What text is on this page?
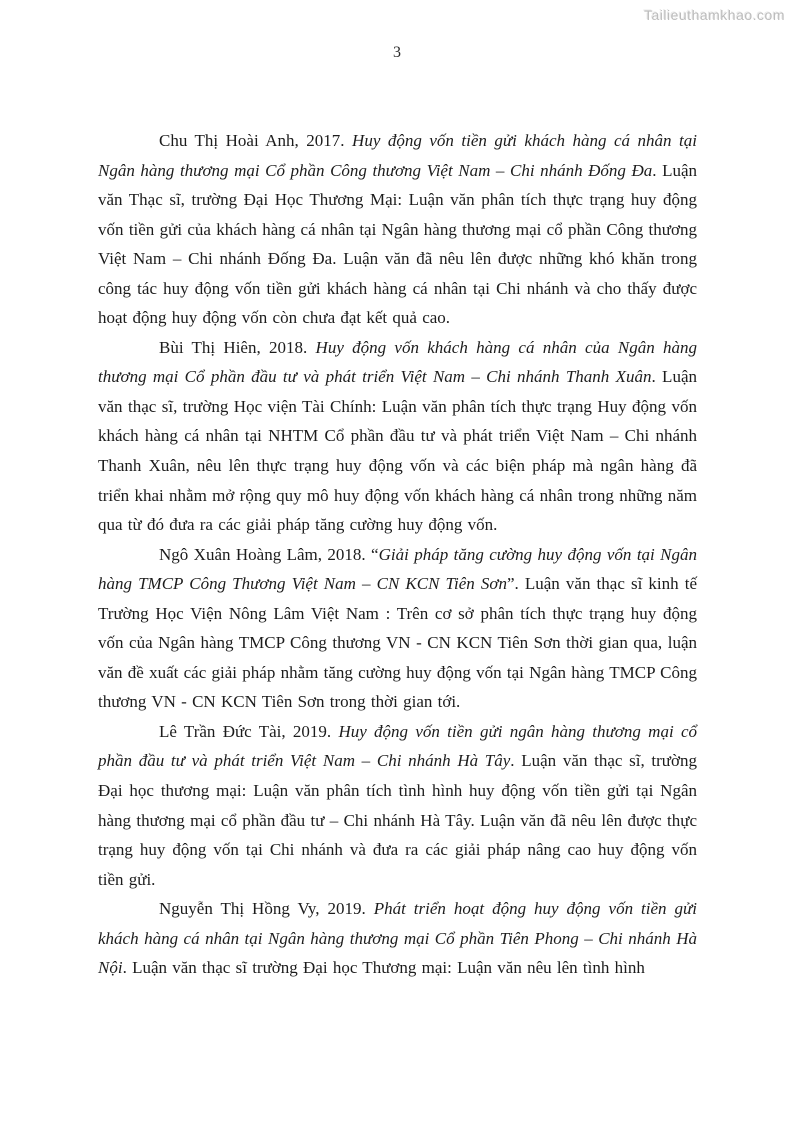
Tailieuthamkhao.com
3

Chu Thị Hoài Anh, 2017. Huy động vốn tiền gửi khách hàng cá nhân tại Ngân hàng thương mại Cổ phần Công thương Việt Nam – Chi nhánh Đống Đa. Luận văn Thạc sĩ, trường Đại Học Thương Mại: Luận văn phân tích thực trạng huy động vốn tiền gửi của khách hàng cá nhân tại Ngân hàng thương mại cổ phần Công thương Việt Nam – Chi nhánh Đống Đa. Luận văn đã nêu lên được những khó khăn trong công tác huy động vốn tiền gửi khách hàng cá nhân tại Chi nhánh và cho thấy được hoạt động huy động vốn còn chưa đạt kết quả cao.

Bùi Thị Hiên, 2018. Huy động vốn khách hàng cá nhân của Ngân hàng thương mại Cổ phần đầu tư và phát triển Việt Nam – Chi nhánh Thanh Xuân. Luận văn thạc sĩ, trường Học viện Tài Chính: Luận văn phân tích thực trạng Huy động vốn khách hàng cá nhân tại NHTM Cổ phần đầu tư và phát triển Việt Nam – Chi nhánh Thanh Xuân, nêu lên thực trạng huy động vốn và các biện pháp mà ngân hàng đã triển khai nhằm mở rộng quy mô huy động vốn khách hàng cá nhân trong những năm qua từ đó đưa ra các giải pháp tăng cường huy động vốn.

Ngô Xuân Hoàng Lâm, 2018. “Giải pháp tăng cường huy động vốn tại Ngân hàng TMCP Công Thương Việt Nam – CN KCN Tiên Sơn”. Luận văn thạc sĩ kinh tế Trường Học Viện Nông Lâm Việt Nam : Trên cơ sở phân tích thực trạng huy động vốn của Ngân hàng TMCP Công thương VN - CN KCN Tiên Sơn thời gian qua, luận văn đề xuất các giải pháp nhằm tăng cường huy động vốn tại Ngân hàng TMCP Công thương VN - CN KCN Tiên Sơn trong thời gian tới.

Lê Trần Đức Tài, 2019. Huy động vốn tiền gửi ngân hàng thương mại cổ phần đầu tư và phát triển Việt Nam – Chi nhánh Hà Tây. Luận văn thạc sĩ, trường Đại học thương mại: Luận văn phân tích tình hình huy động vốn tiền gửi tại Ngân hàng thương mại cổ phần đầu tư – Chi nhánh Hà Tây. Luận văn đã nêu lên được thực trạng huy động vốn tại Chi nhánh và đưa ra các giải pháp nâng cao huy động vốn tiền gửi.

Nguyễn Thị Hồng Vy, 2019. Phát triển hoạt động huy động vốn tiền gửi khách hàng cá nhân tại Ngân hàng thương mại Cổ phần Tiên Phong – Chi nhánh Hà Nội. Luận văn thạc sĩ trường Đại học Thương mại: Luận văn nêu lên tình hình
